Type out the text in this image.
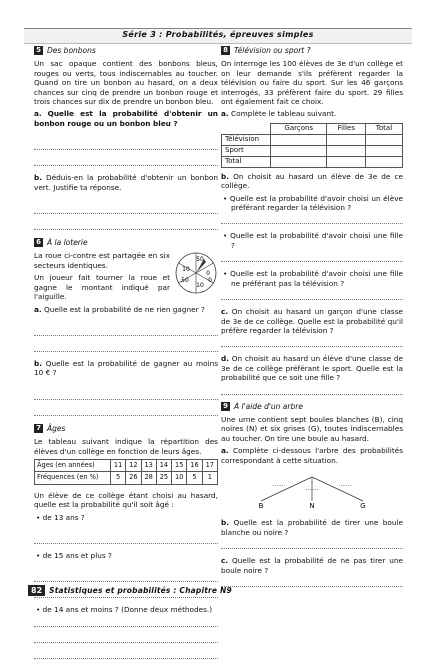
Série 3 : Probabilités, épreuves simples
5 Des bonbons

Un sac opaque contient des bonbons bleus, rouges ou verts, tous indiscernables au toucher. Quand on tire un bonbon au hasard, on a deux chances sur cinq de prendre un bonbon rouge et trois chances sur dix de prendre un bonbon bleu.

a. Quelle est la probabilité d'obtenir un bonbon rouge ou un bonbon bleu ?

b. Déduis-en la probabilité d'obtenir un bonbon vert. Justifie ta réponse.

6 À la loterie

La roue ci-contre est partagée en six secteurs identiques.

Un joueur fait tourner la roue et gagne le montant indiqué par l'aiguille.

50
0
10
10
50	0

a. Quelle est la probabilité de ne rien gagner ?

b. Quelle est la probabilité de gagner au moins 10 € ?

7 Âges

Le tableau suivant indique la répartition des élèves d'un collège en fonction de leurs âges.

Âges (en années)	11	12	13	14	15	16	17
Fréquences (en %)	5	26	28	25	10	5	1

Un élève de ce collège étant choisi au hasard, quelle est la probabilité qu'il soit âgé :

• de 13 ans ?

• de 15 ans et plus ?

• de 14 ans et moins ? (Donne deux méthodes.)

8 Télévision ou sport ?

On interroge les 100 élèves de 3e d'un collège et on leur demande s'ils préfèrent regarder la télévision ou faire du sport. Sur les 46 garçons interrogés, 33 préfèrent faire du sport. 29 filles ont également fait ce choix.

a. Complète le tableau suivant.

	Garçons	Filles	Total
Télévision			
Sport			
Total			

b. On choisit au hasard un élève de 3e de ce collège.

• Quelle est la probabilité d'avoir choisi un élève préférant regarder la télévision ?

• Quelle est la probabilité d'avoir choisi une fille ?

• Quelle est la probabilité d'avoir choisi une fille ne préférant pas la télévision ?

c. On choisit au hasard un garçon d'une classe de 3e de ce collège. Quelle est la probabilité qu'il préfère regarder la télévision ?

d. On choisit au hasard un élève d'une classe de 3e de ce collège préférant le sport. Quelle est la probabilité que ce soit une fille ?

9 À l'aide d'un arbre

Une urne contient sept boules blanches (B), cinq noires (N) et six grises (G), toutes indiscernables au toucher. On tire une boule au hasard.

a. Complète ci-dessous l'arbre des probabilités correspondant à cette situation.

.......
.......
.......
B	N	G

b. Quelle est la probabilité de tirer une boule blanche ou noire ?

c. Quelle est la probabilité de ne pas tirer une boule noire ?

82 Statistiques et probabilités : Chapitre N9
